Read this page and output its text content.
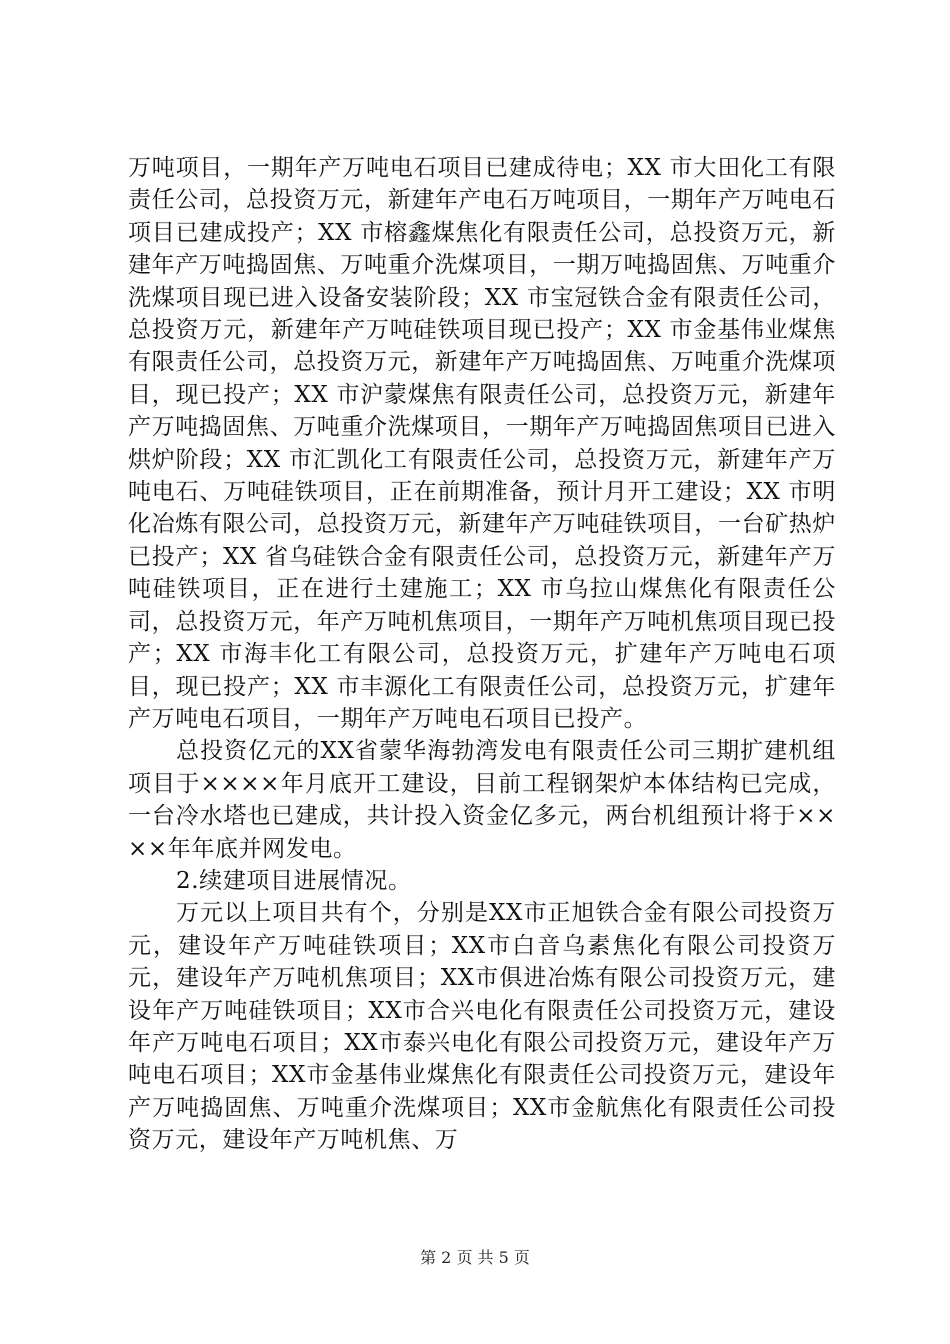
万吨项目，一期年产万吨电石项目已建成待电；XX 市大田化工有限责任公司，总投资万元，新建年产电石万吨项目，一期年产万吨电石项目已建成投产；XX 市榕鑫煤焦化有限责任公司，总投资万元，新建年产万吨捣固焦、万吨重介洗煤项目，一期万吨捣固焦、万吨重介洗煤项目现已进入设备安装阶段；XX 市宝冠铁合金有限责任公司，总投资万元，新建年产万吨硅铁项目现已投产；XX 市金基伟业煤焦有限责任公司，总投资万元，新建年产万吨捣固焦、万吨重介洗煤项目，现已投产；XX 市沪蒙煤焦有限责任公司，总投资万元，新建年产万吨捣固焦、万吨重介洗煤项目，一期年产万吨捣固焦项目已进入烘炉阶段；XX 市汇凯化工有限责任公司，总投资万元，新建年产万吨电石、万吨硅铁项目，正在前期准备，预计月开工建设；XX 市明化冶炼有限公司，总投资万元，新建年产万吨硅铁项目，一台矿热炉已投产；XX 省乌硅铁合金有限责任公司，总投资万元，新建年产万吨硅铁项目，正在进行土建施工；XX 市乌拉山煤焦化有限责任公司，总投资万元，年产万吨机焦项目，一期年产万吨机焦项目现已投产；XX 市海丰化工有限公司，总投资万元，扩建年产万吨电石项目，现已投产；XX 市丰源化工有限责任公司，总投资万元，扩建年产万吨电石项目，一期年产万吨电石项目已投产。

总投资亿元的XX省蒙华海勃湾发电有限责任公司三期扩建机组项目于××××年月底开工建设，目前工程钢架炉本体结构已完成，一台冷水塔也已建成，共计投入资金亿多元，两台机组预计将于××××年年底并网发电。

2.续建项目进展情况。

万元以上项目共有个，分别是XX市正旭铁合金有限公司投资万元，建设年产万吨硅铁项目；XX市白音乌素焦化有限公司投资万元，建设年产万吨机焦项目；XX市俱进冶炼有限公司投资万元，建设年产万吨硅铁项目；XX市合兴电化有限责任公司投资万元，建设年产万吨电石项目；XX市泰兴电化有限公司投资万元，建设年产万吨电石项目；XX市金基伟业煤焦化有限责任公司投资万元，建设年产万吨捣固焦、万吨重介洗煤项目；XX市金航焦化有限责任公司投资万元，建设年产万吨机焦、万

第 2 页 共 5 页
